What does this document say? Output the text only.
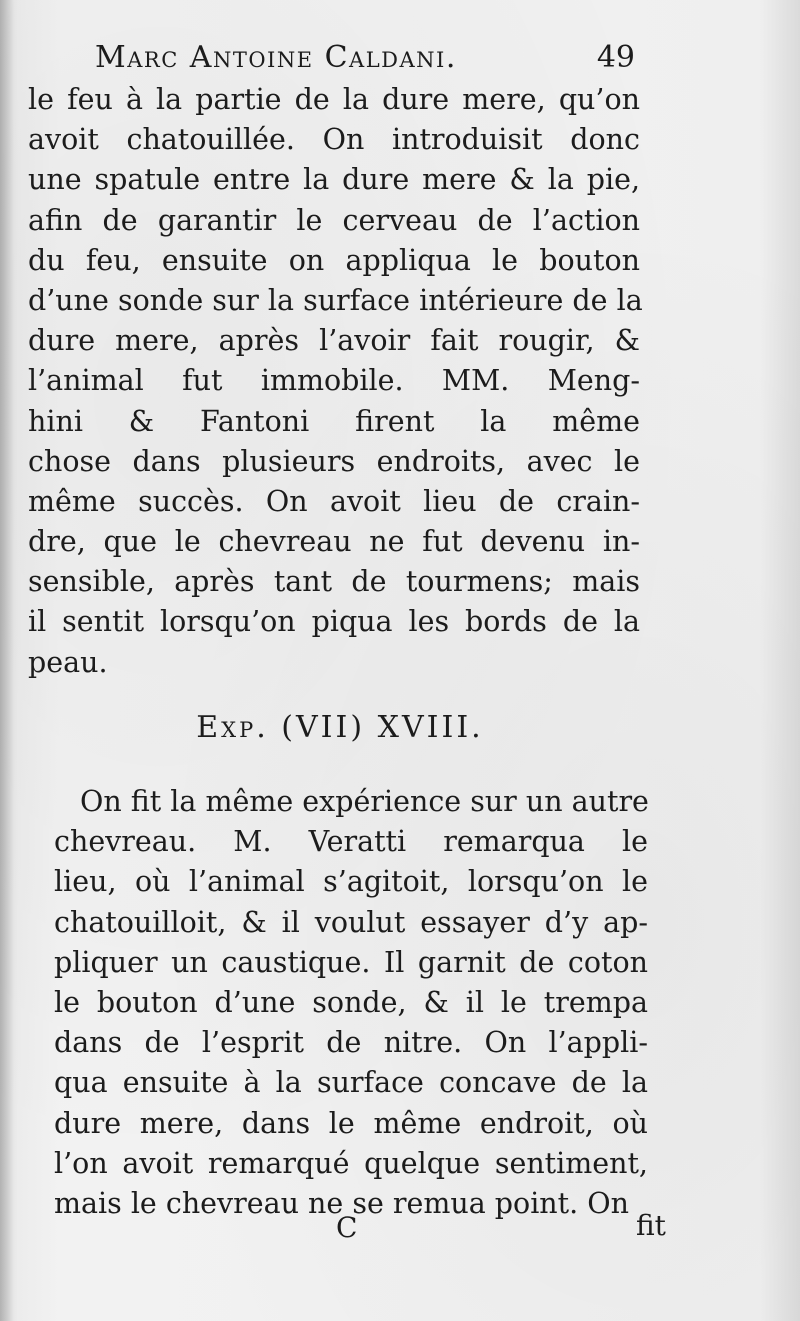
Marc Antoine Caldani.	49
le feu à la partie de la dure mere, qu’on
avoit chatouillée. On introduisit donc
une spatule entre la dure mere & la pie,
afin de garantir le cerveau de l’action
du feu, ensuite on appliqua le bouton
d’une sonde sur la surface intérieure de la
dure mere, après l’avoir fait rougir, &
l’animal fut immobile. MM. Meng-
hini & Fantoni firent la même
chose dans plusieurs endroits, avec le
même succès. On avoit lieu de crain-
dre, que le chevreau ne fut devenu in-
sensible, après tant de tourmens; mais
il sentit lorsqu’on piqua les bords de la
peau.
Exp. (VII) XVIII.
On fit la même expérience sur un autre
chevreau. M. Veratti remarqua le
lieu, où l’animal s’agitoit, lorsqu’on le
chatouilloit, & il voulut essayer d’y ap-
pliquer un caustique. Il garnit de coton
le bouton d’une sonde, & il le trempa
dans de l’esprit de nitre. On l’appli-
qua ensuite à la surface concave de la
dure mere, dans le même endroit, où
l’on avoit remarqué quelque sentiment,
mais le chevreau ne se remua point. On
C	fit
